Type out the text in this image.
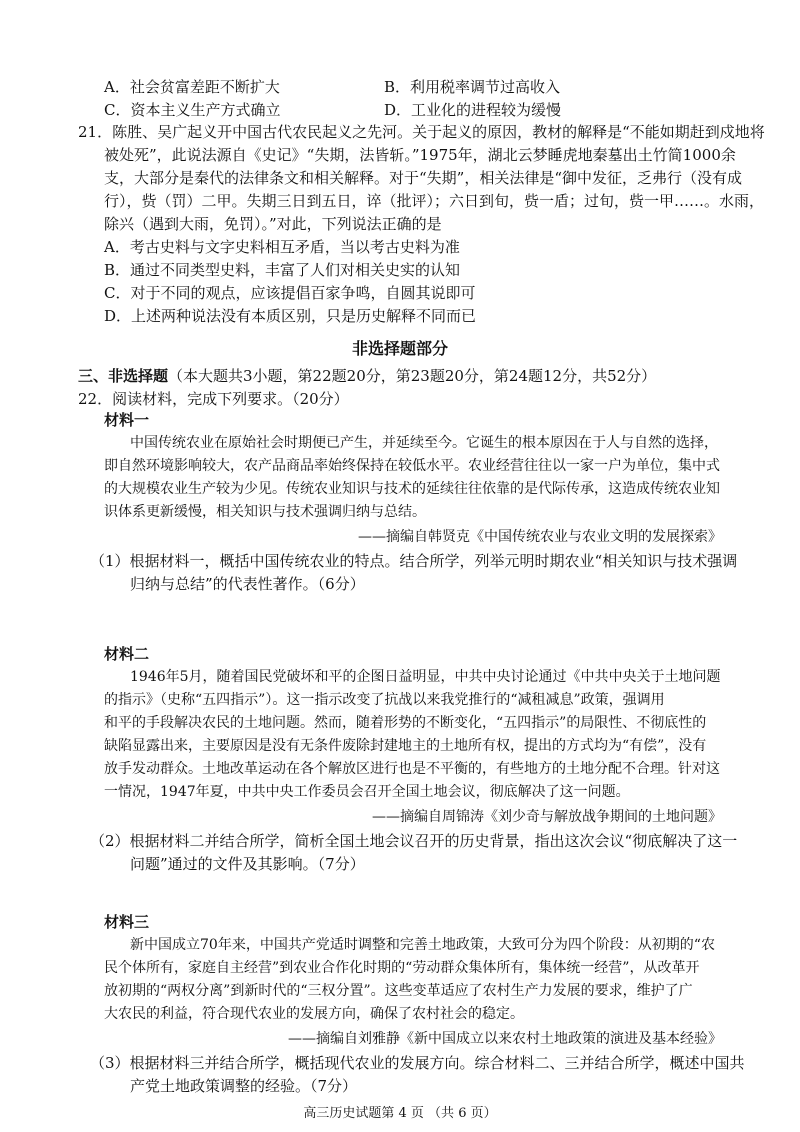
A．社会贫富差距不断扩大	B．利用税率调节过高收入
C．资本主义生产方式确立	D．工业化的进程较为缓慢
21．陈胜、吴广起义开中国古代农民起义之先河。关于起义的原因，教材的解释是“不能如期赶到戍地将
被处死”，此说法源自《史记》“失期，法皆斩。”1975年，湖北云梦睡虎地秦墓出土竹简1000余
支，大部分是秦代的法律条文和相关解释。对于“失期”，相关法律是“御中发征，乏弗行（没有成
行），赀（罚）二甲。失期三日到五日，谇（批评）；六日到旬，赀一盾；过旬，赀一甲……。水雨，
除兴（遇到大雨，免罚）。”对此，下列说法正确的是
A．考古史料与文字史料相互矛盾，当以考古史料为准
B．通过不同类型史料，丰富了人们对相关史实的认知
C．对于不同的观点，应该提倡百家争鸣，自圆其说即可
D．上述两种说法没有本质区别，只是历史解释不同而已
非选择题部分
三、非选择题（本大题共3小题，第22题20分，第23题20分，第24题12分，共52分）
22．阅读材料，完成下列要求。（20分）
材料一
中国传统农业在原始社会时期便已产生，并延续至今。它诞生的根本原因在于人与自然的选择，
即自然环境影响较大，农产品商品率始终保持在较低水平。农业经营往往以一家一户为单位，集中式
的大规模农业生产较为少见。传统农业知识与技术的延续往往依靠的是代际传承，这造成传统农业知
识体系更新缓慢，相关知识与技术强调归纳与总结。
——摘编自韩贤克《中国传统农业与农业文明的发展探索》
（1）根据材料一，概括中国传统农业的特点。结合所学，列举元明时期农业“相关知识与技术强调
归纳与总结”的代表性著作。（6分）
材料二
1946年5月，随着国民党破坏和平的企图日益明显，中共中央讨论通过《中共中央关于土地问题
的指示》（史称“五四指示”）。这一指示改变了抗战以来我党推行的“减租减息”政策，强调用
和平的手段解决农民的土地问题。然而，随着形势的不断变化，“五四指示”的局限性、不彻底性的
缺陷显露出来，主要原因是没有无条件废除封建地主的土地所有权，提出的方式均为“有偿”，没有
放手发动群众。土地改革运动在各个解放区进行也是不平衡的，有些地方的土地分配不合理。针对这
一情况，1947年夏，中共中央工作委员会召开全国土地会议，彻底解决了这一问题。
——摘编自周锦涛《刘少奇与解放战争期间的土地问题》
（2）根据材料二并结合所学，简析全国土地会议召开的历史背景，指出这次会议“彻底解决了这一
问题”通过的文件及其影响。（7分）
材料三
新中国成立70年来，中国共产党适时调整和完善土地政策，大致可分为四个阶段：从初期的“农
民个体所有，家庭自主经营”到农业合作化时期的“劳动群众集体所有，集体统一经营”，从改革开
放初期的“两权分离”到新时代的“三权分置”。这些变革适应了农村生产力发展的要求，维护了广
大农民的利益，符合现代农业的发展方向，确保了农村社会的稳定。
——摘编自刘雅静《新中国成立以来农村土地政策的演进及基本经验》
（3）根据材料三并结合所学，概括现代农业的发展方向。综合材料二、三并结合所学，概述中国共
产党土地政策调整的经验。（7分）
高三历史试题第 4 页 （共 6 页）
